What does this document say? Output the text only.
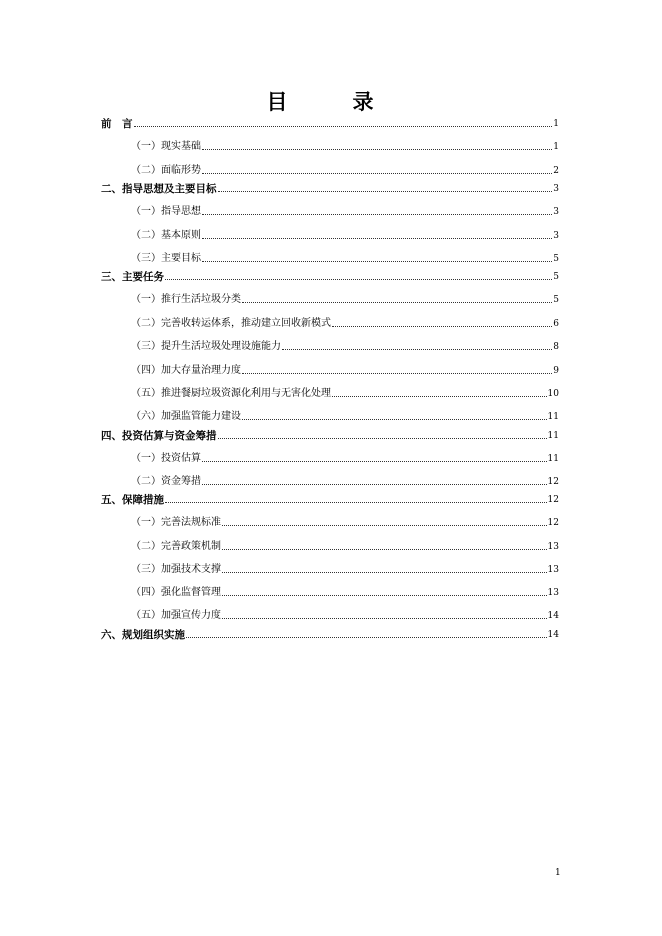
目　录
前　言	1
（一）现实基础	1
（二）面临形势	2
二、指导思想及主要目标	3
（一）指导思想	3
（二）基本原则	3
（三）主要目标	5
三、主要任务	5
（一）推行生活垃圾分类	5
（二）完善收转运体系，推动建立回收新模式	6
（三）提升生活垃圾处理设施能力	8
（四）加大存量治理力度	9
（五）推进餐厨垃圾资源化利用与无害化处理	10
（六）加强监管能力建设	11
四、投资估算与资金筹措	11
（一）投资估算	11
（二）资金筹措	12
五、保障措施	12
（一）完善法规标准	12
（二）完善政策机制	13
（三）加强技术支撑	13
（四）强化监督管理	13
（五）加强宣传力度	14
六、规划组织实施	14
1
